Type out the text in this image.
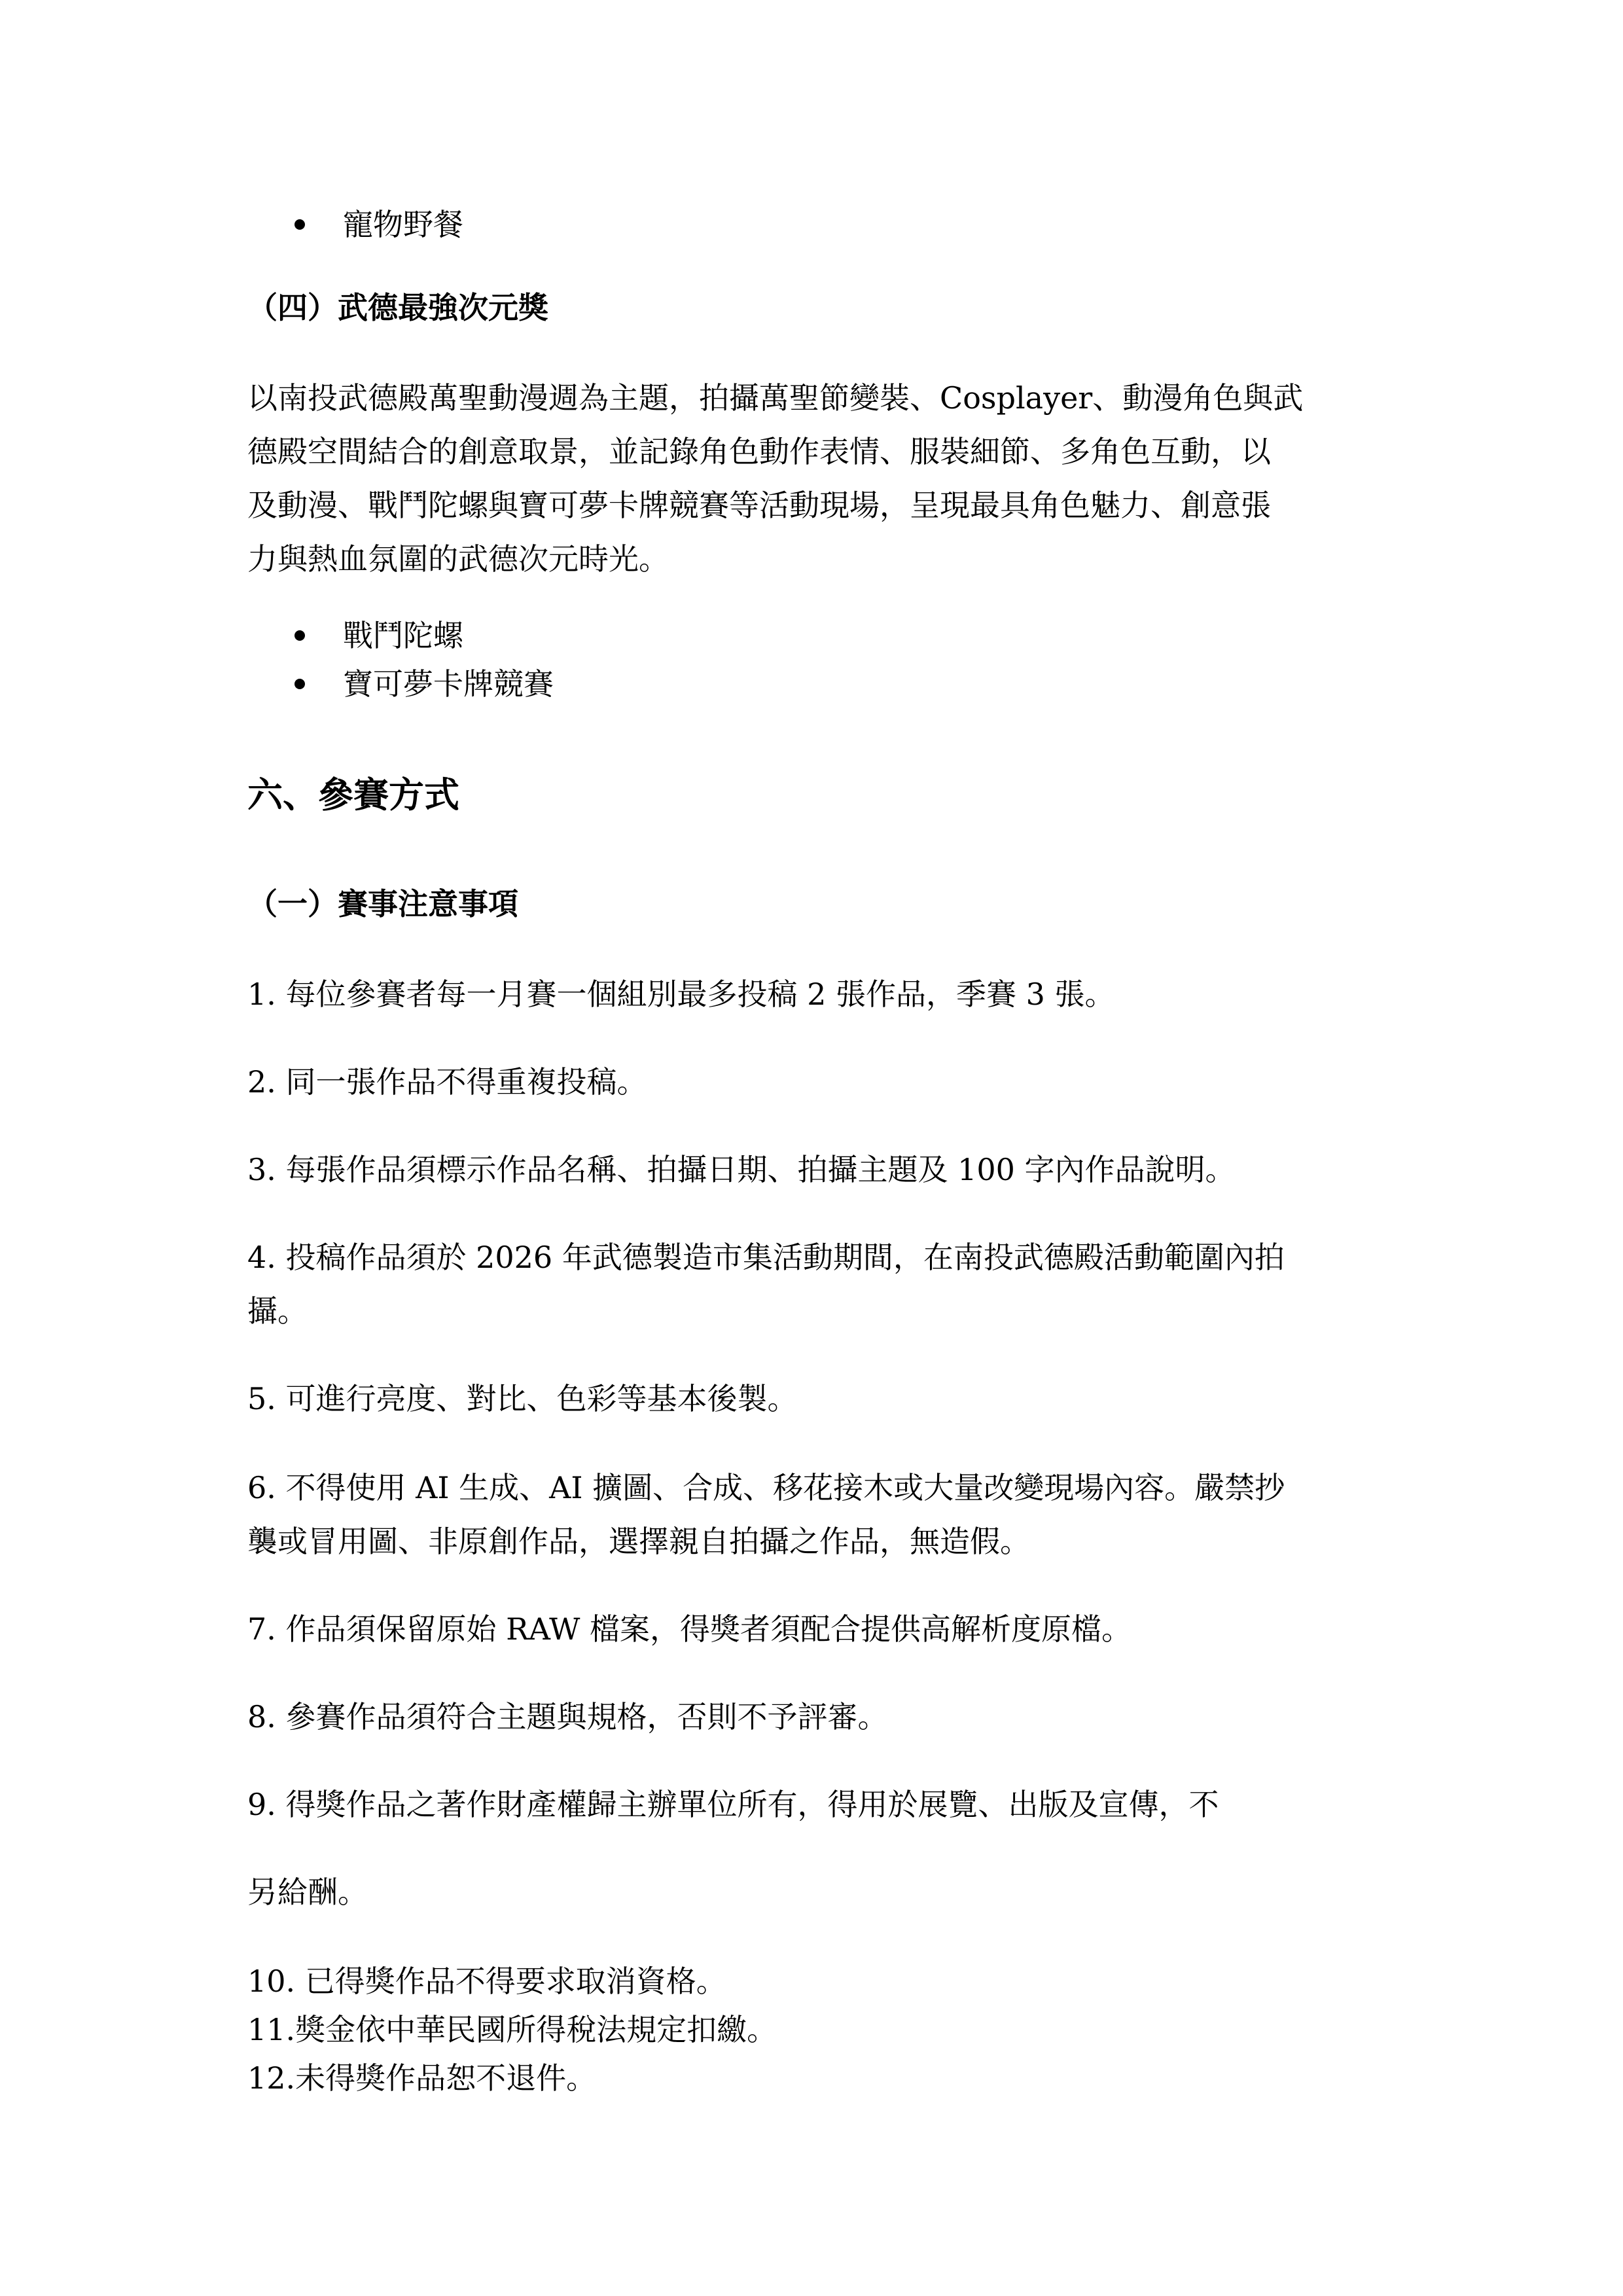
寵物野餐
（四）武德最強次元獎
以南投武德殿萬聖動漫週為主題，拍攝萬聖節變裝、Cosplayer、動漫角色與武
德殿空間結合的創意取景，並記錄角色動作表情、服裝細節、多角色互動，以
及動漫、戰鬥陀螺與寶可夢卡牌競賽等活動現場，呈現最具角色魅力、創意張
力與熱血氛圍的武德次元時光。
戰鬥陀螺
寶可夢卡牌競賽
六、參賽方式
（一）賽事注意事項
1. 每位參賽者每一月賽一個組別最多投稿 2 張作品，季賽 3 張。
2. 同一張作品不得重複投稿。
3. 每張作品須標示作品名稱、拍攝日期、拍攝主題及 100 字內作品說明。
4. 投稿作品須於 2026 年武德製造市集活動期間，在南投武德殿活動範圍內拍
攝。
5. 可進行亮度、對比、色彩等基本後製。
6. 不得使用 AI 生成、AI 擴圖、合成、移花接木或大量改變現場內容。嚴禁抄
襲或冒用圖、非原創作品，選擇親自拍攝之作品，無造假。
7. 作品須保留原始 RAW 檔案，得獎者須配合提供高解析度原檔。
8. 參賽作品須符合主題與規格，否則不予評審。
9. 得獎作品之著作財產權歸主辦單位所有，得用於展覽、出版及宣傳，不
另給酬。
10. 已得獎作品不得要求取消資格。
11.獎金依中華民國所得稅法規定扣繳。
12.未得獎作品恕不退件。
